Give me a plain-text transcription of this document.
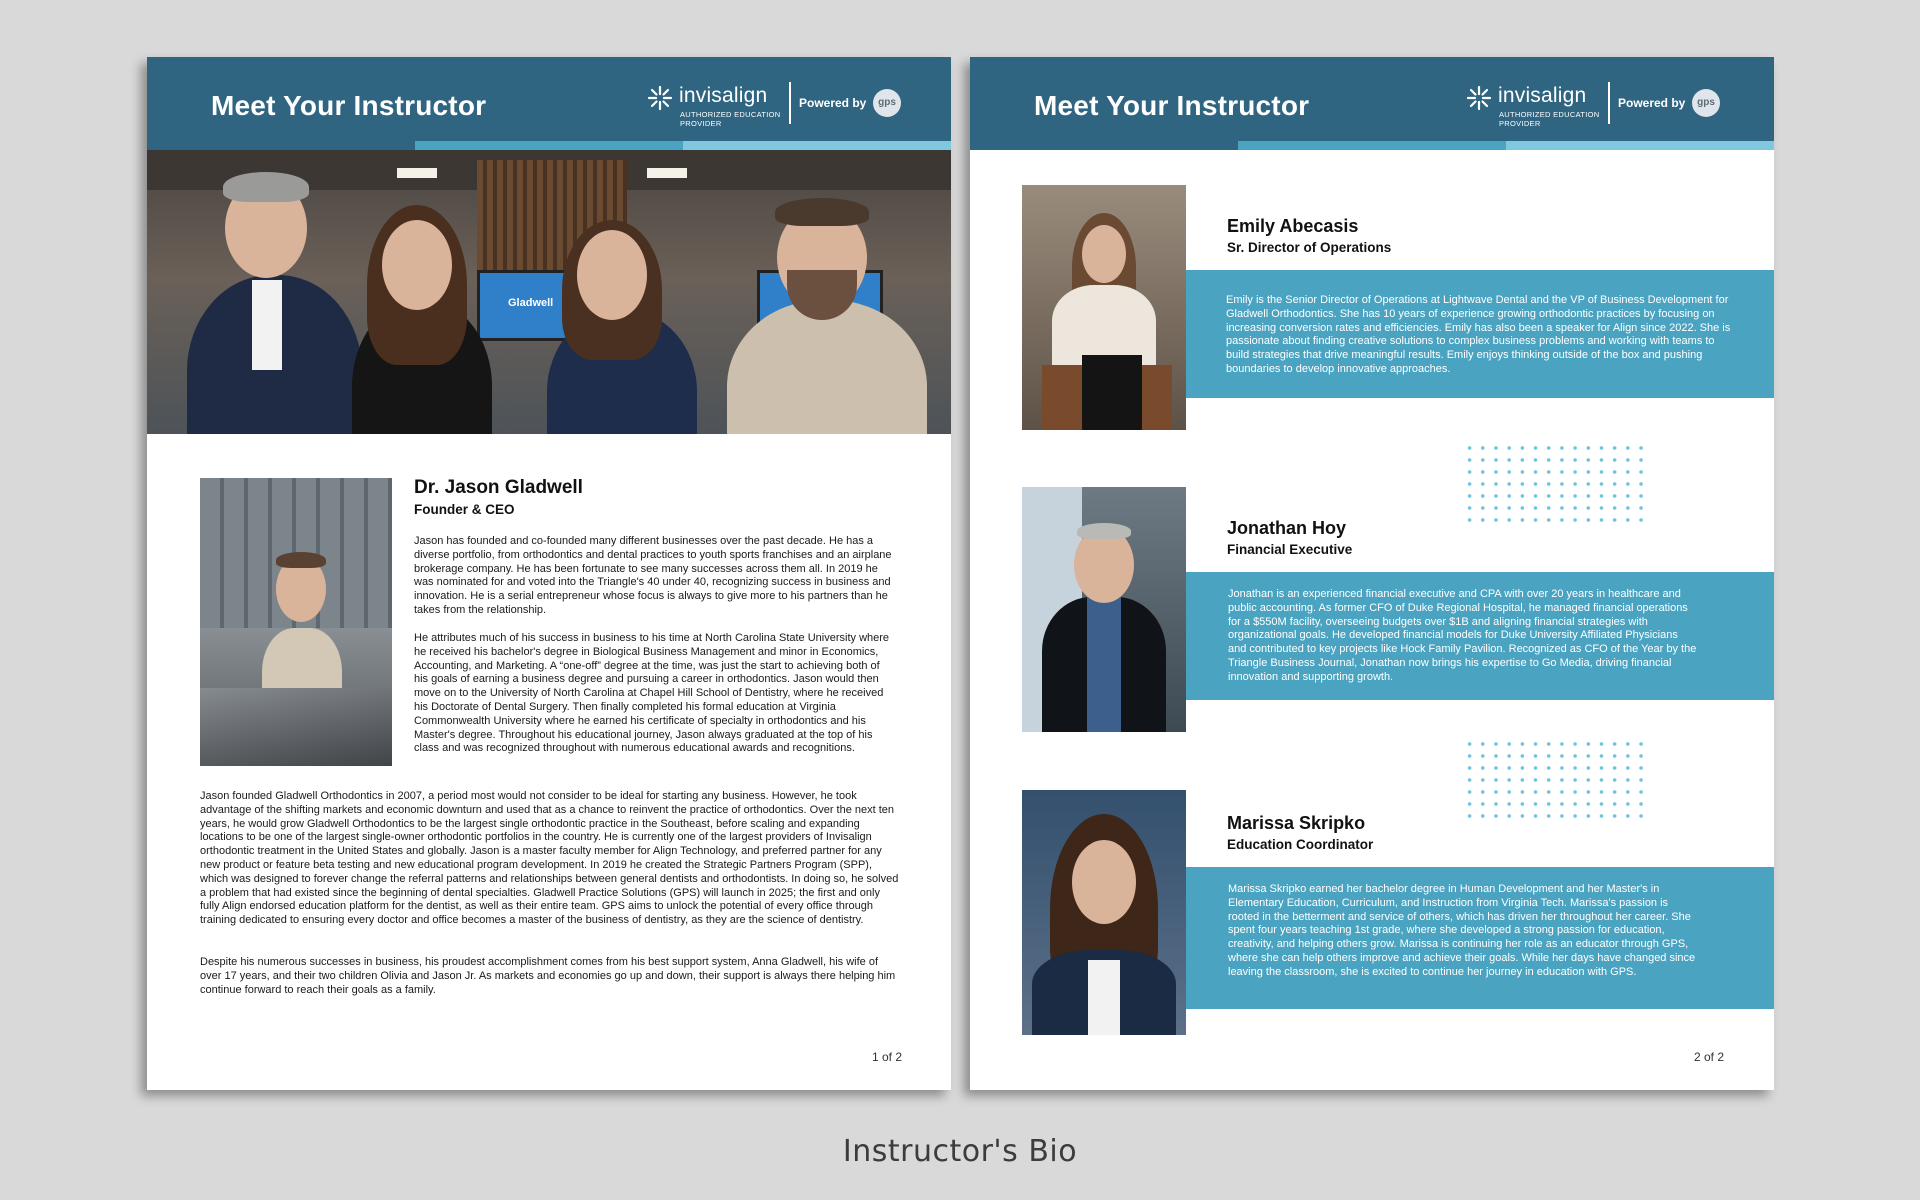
Meet Your Instructor	invisalign
AUTHORIZED EDUCATION PROVIDER
Powered by	gps
Gladwell
Dr. Jason Gladwell
Founder & CEO

Jason has founded and co-founded many different businesses over the past decade. He has a diverse portfolio, from orthodontics and dental practices to youth sports franchises and an airplane brokerage company. He has been fortunate to see many successes across them all. In 2019 he was nominated for and voted into the Triangle's 40 under 40, recognizing success in business and innovation. He is a serial entrepreneur whose focus is always to give more to his partners than he takes from the relationship.

He attributes much of his success in business to his time at North Carolina State University where he received his bachelor's degree in Biological Business Management and minor in Economics, Accounting, and Marketing. A “one-off” degree at the time, was just the start to achieving both of his goals of earning a business degree and pursuing a career in orthodontics. Jason would then move on to the University of North Carolina at Chapel Hill School of Dentistry, where he received his Doctorate of Dental Surgery. Then finally completed his formal education at Virginia Commonwealth University where he earned his certificate of specialty in orthodontics and his Master's degree. Throughout his educational journey, Jason always graduated at the top of his class and was recognized throughout with numerous educational awards and recognitions.

Jason founded Gladwell Orthodontics in 2007, a period most would not consider to be ideal for starting any business. However, he took advantage of the shifting markets and economic downturn and used that as a chance to reinvent the practice of orthodontics. Over the next ten years, he would grow Gladwell Orthodontics to be the largest single orthodontic practice in the Southeast, before scaling and expanding locations to be one of the largest single-owner orthodontic portfolios in the country. He is currently one of the largest providers of Invisalign orthodontic treatment in the United States and globally. Jason is a master faculty member for Align Technology, and preferred partner for any new product or feature beta testing and new educational program development. In 2019 he created the Strategic Partners Program (SPP), which was designed to forever change the referral patterns and relationships between general dentists and orthodontists. In doing so, he solved a problem that had existed since the beginning of dental specialties. Gladwell Practice Solutions (GPS) will launch in 2025; the first and only fully Align endorsed education platform for the dentist, as well as their entire team. GPS aims to unlock the potential of every office through training dedicated to ensuring every doctor and office becomes a master of the business of dentistry, as they are the science of dentistry.

Despite his numerous successes in business, his proudest accomplishment comes from his best support system, Anna Gladwell, his wife of over 17 years, and their two children Olivia and Jason Jr. As markets and economies go up and down, their support is always there helping him continue forward to reach their goals as a family.

1 of 2
Meet Your Instructor	invisalign
AUTHORIZED EDUCATION PROVIDER
Powered by	gps

Emily is the Senior Director of Operations at Lightwave Dental and the VP of Business Development for Gladwell Orthodontics. She has 10 years of experience growing orthodontic practices by focusing on increasing conversion rates and efficiencies. Emily has also been a speaker for Align since 2022. She is passionate about finding creative solutions to complex business problems and working with teams to build strategies that drive meaningful results. Emily enjoys thinking outside of the box and pushing boundaries to develop innovative approaches.

Emily Abecasis
Sr. Director of Operations

Jonathan is an experienced financial executive and CPA with over 20 years in healthcare and public accounting. As former CFO of Duke Regional Hospital, he managed financial operations for a $550M facility, overseeing budgets over $1B and aligning financial strategies with organizational goals. He developed financial models for Duke University Affiliated Physicians and contributed to key projects like Hock Family Pavilion. Recognized as CFO of the Year by the Triangle Business Journal, Jonathan now brings his expertise to Go Media, driving financial innovation and supporting growth.

Jonathan Hoy
Financial Executive

Marissa Skripko earned her bachelor degree in Human Development and her Master's in Elementary Education, Curriculum, and Instruction from Virginia Tech. Marissa's passion is rooted in the betterment and service of others, which has driven her throughout her career. She spent four years teaching 1st grade, where she developed a strong passion for education, creativity, and helping others grow. Marissa is continuing her role as an educator through GPS, where she can help others improve and achieve their goals. While her days have changed since leaving the classroom, she is excited to continue her journey in education with GPS.

Marissa Skripko
Education Coordinator
2 of 2
Instructor's Bio
